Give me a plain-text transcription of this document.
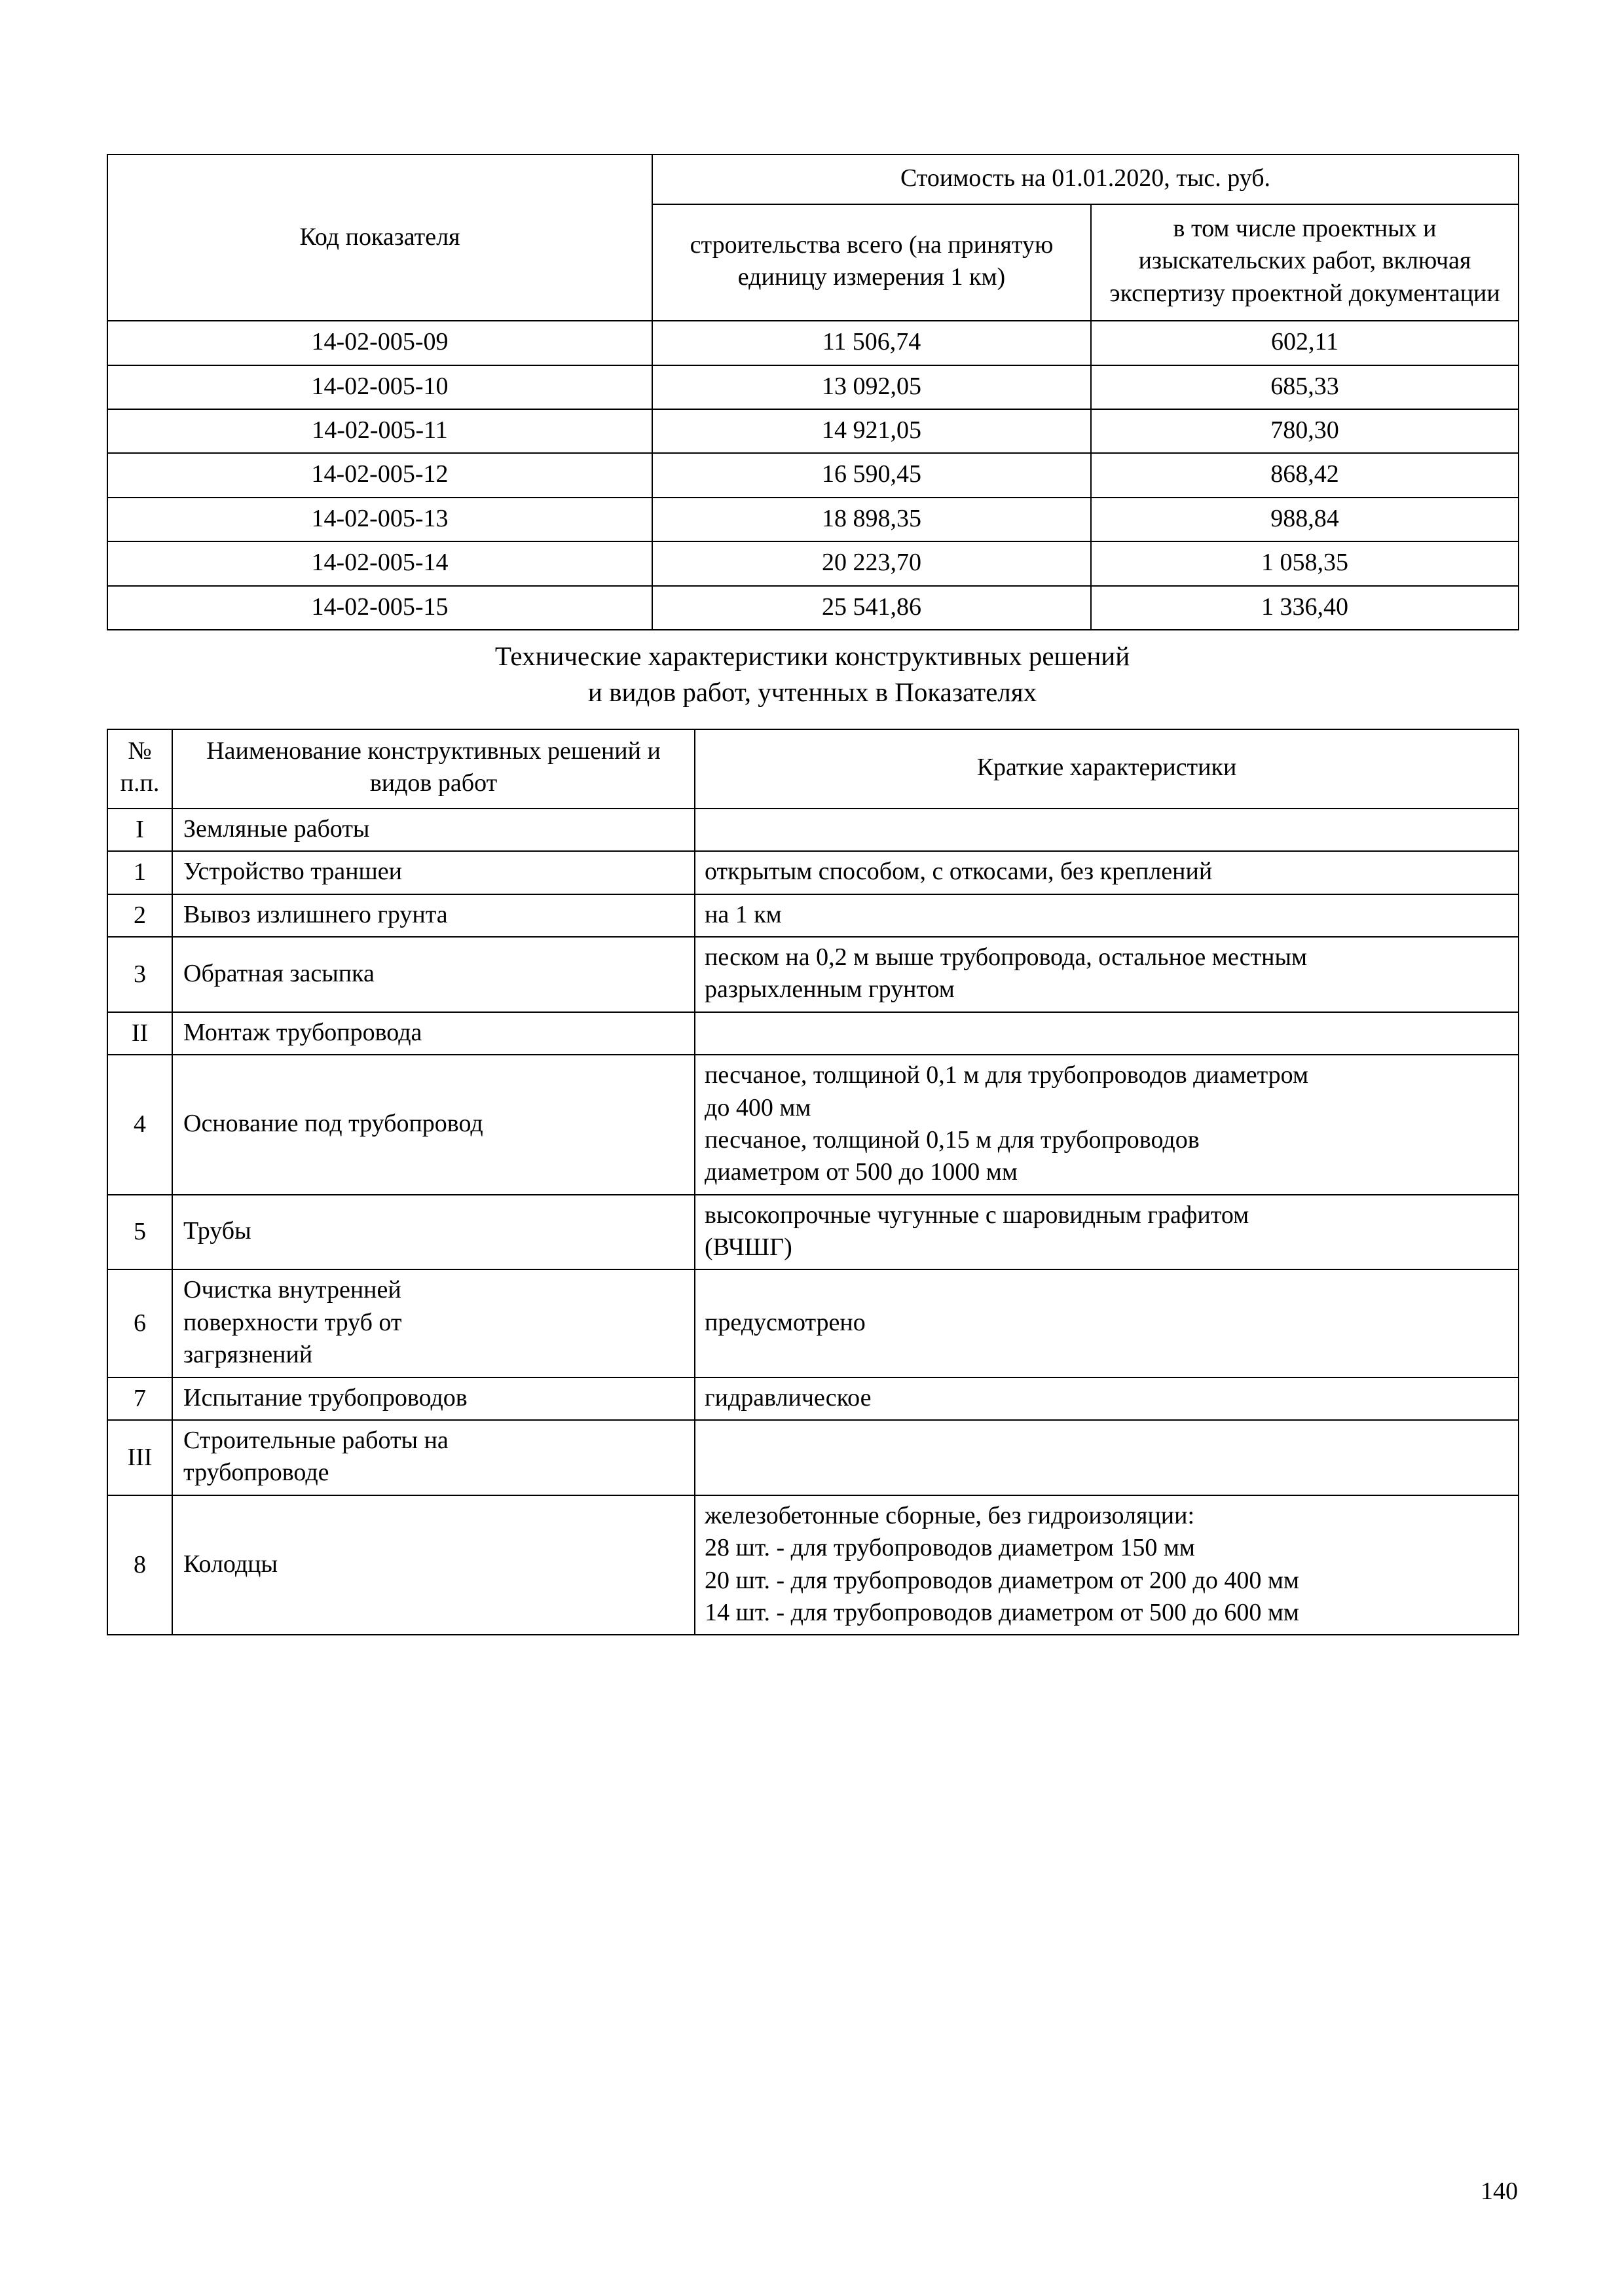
Код показателя	Стоимость на 01.01.2020, тыс. руб.	
	строительства всего (на принятую единицу измерения 1 км)	в том числе проектных и изыскательских работ, включая экспертизу проектной документации
14-02-005-09	11 506,74	602,11
14-02-005-10	13 092,05	685,33
14-02-005-11	14 921,05	780,30
14-02-005-12	16 590,45	868,42
14-02-005-13	18 898,35	988,84
14-02-005-14	20 223,70	1 058,35
14-02-005-15	25 541,86	1 336,40
Технические характеристики конструктивных решений
и видов работ, учтенных в Показателях
№ п.п.	Наименование конструктивных решений и видов работ	Краткие характеристики
I	Земляные работы	

1	Устройство траншеи	открытым способом, с откосами, без креплений

2	Вывоз излишнего грунта	на 1 км

3	Обратная засыпка	песком на 0,2 м выше трубопровода, остальное местным
разрыхленным грунтом

II	Монтаж трубопровода	

4	Основание под трубопровод	песчаное, толщиной 0,1 м для трубопроводов диаметром
до 400 мм
песчаное, толщиной 0,15 м для трубопроводов
диаметром от 500 до 1000 мм

5	Трубы	высокопрочные чугунные с шаровидным графитом
(ВЧШГ)

6	Очистка внутренней
поверхности труб от
загрязнений	предусмотрено

7	Испытание трубопроводов	гидравлическое

III	Строительные работы на
трубопроводе	

8	Колодцы	железобетонные сборные, без гидроизоляции:
28 шт. - для трубопроводов диаметром 150 мм
20 шт. - для трубопроводов диаметром от 200 до 400 мм
14 шт. - для трубопроводов диаметром от 500 до 600 мм
140
